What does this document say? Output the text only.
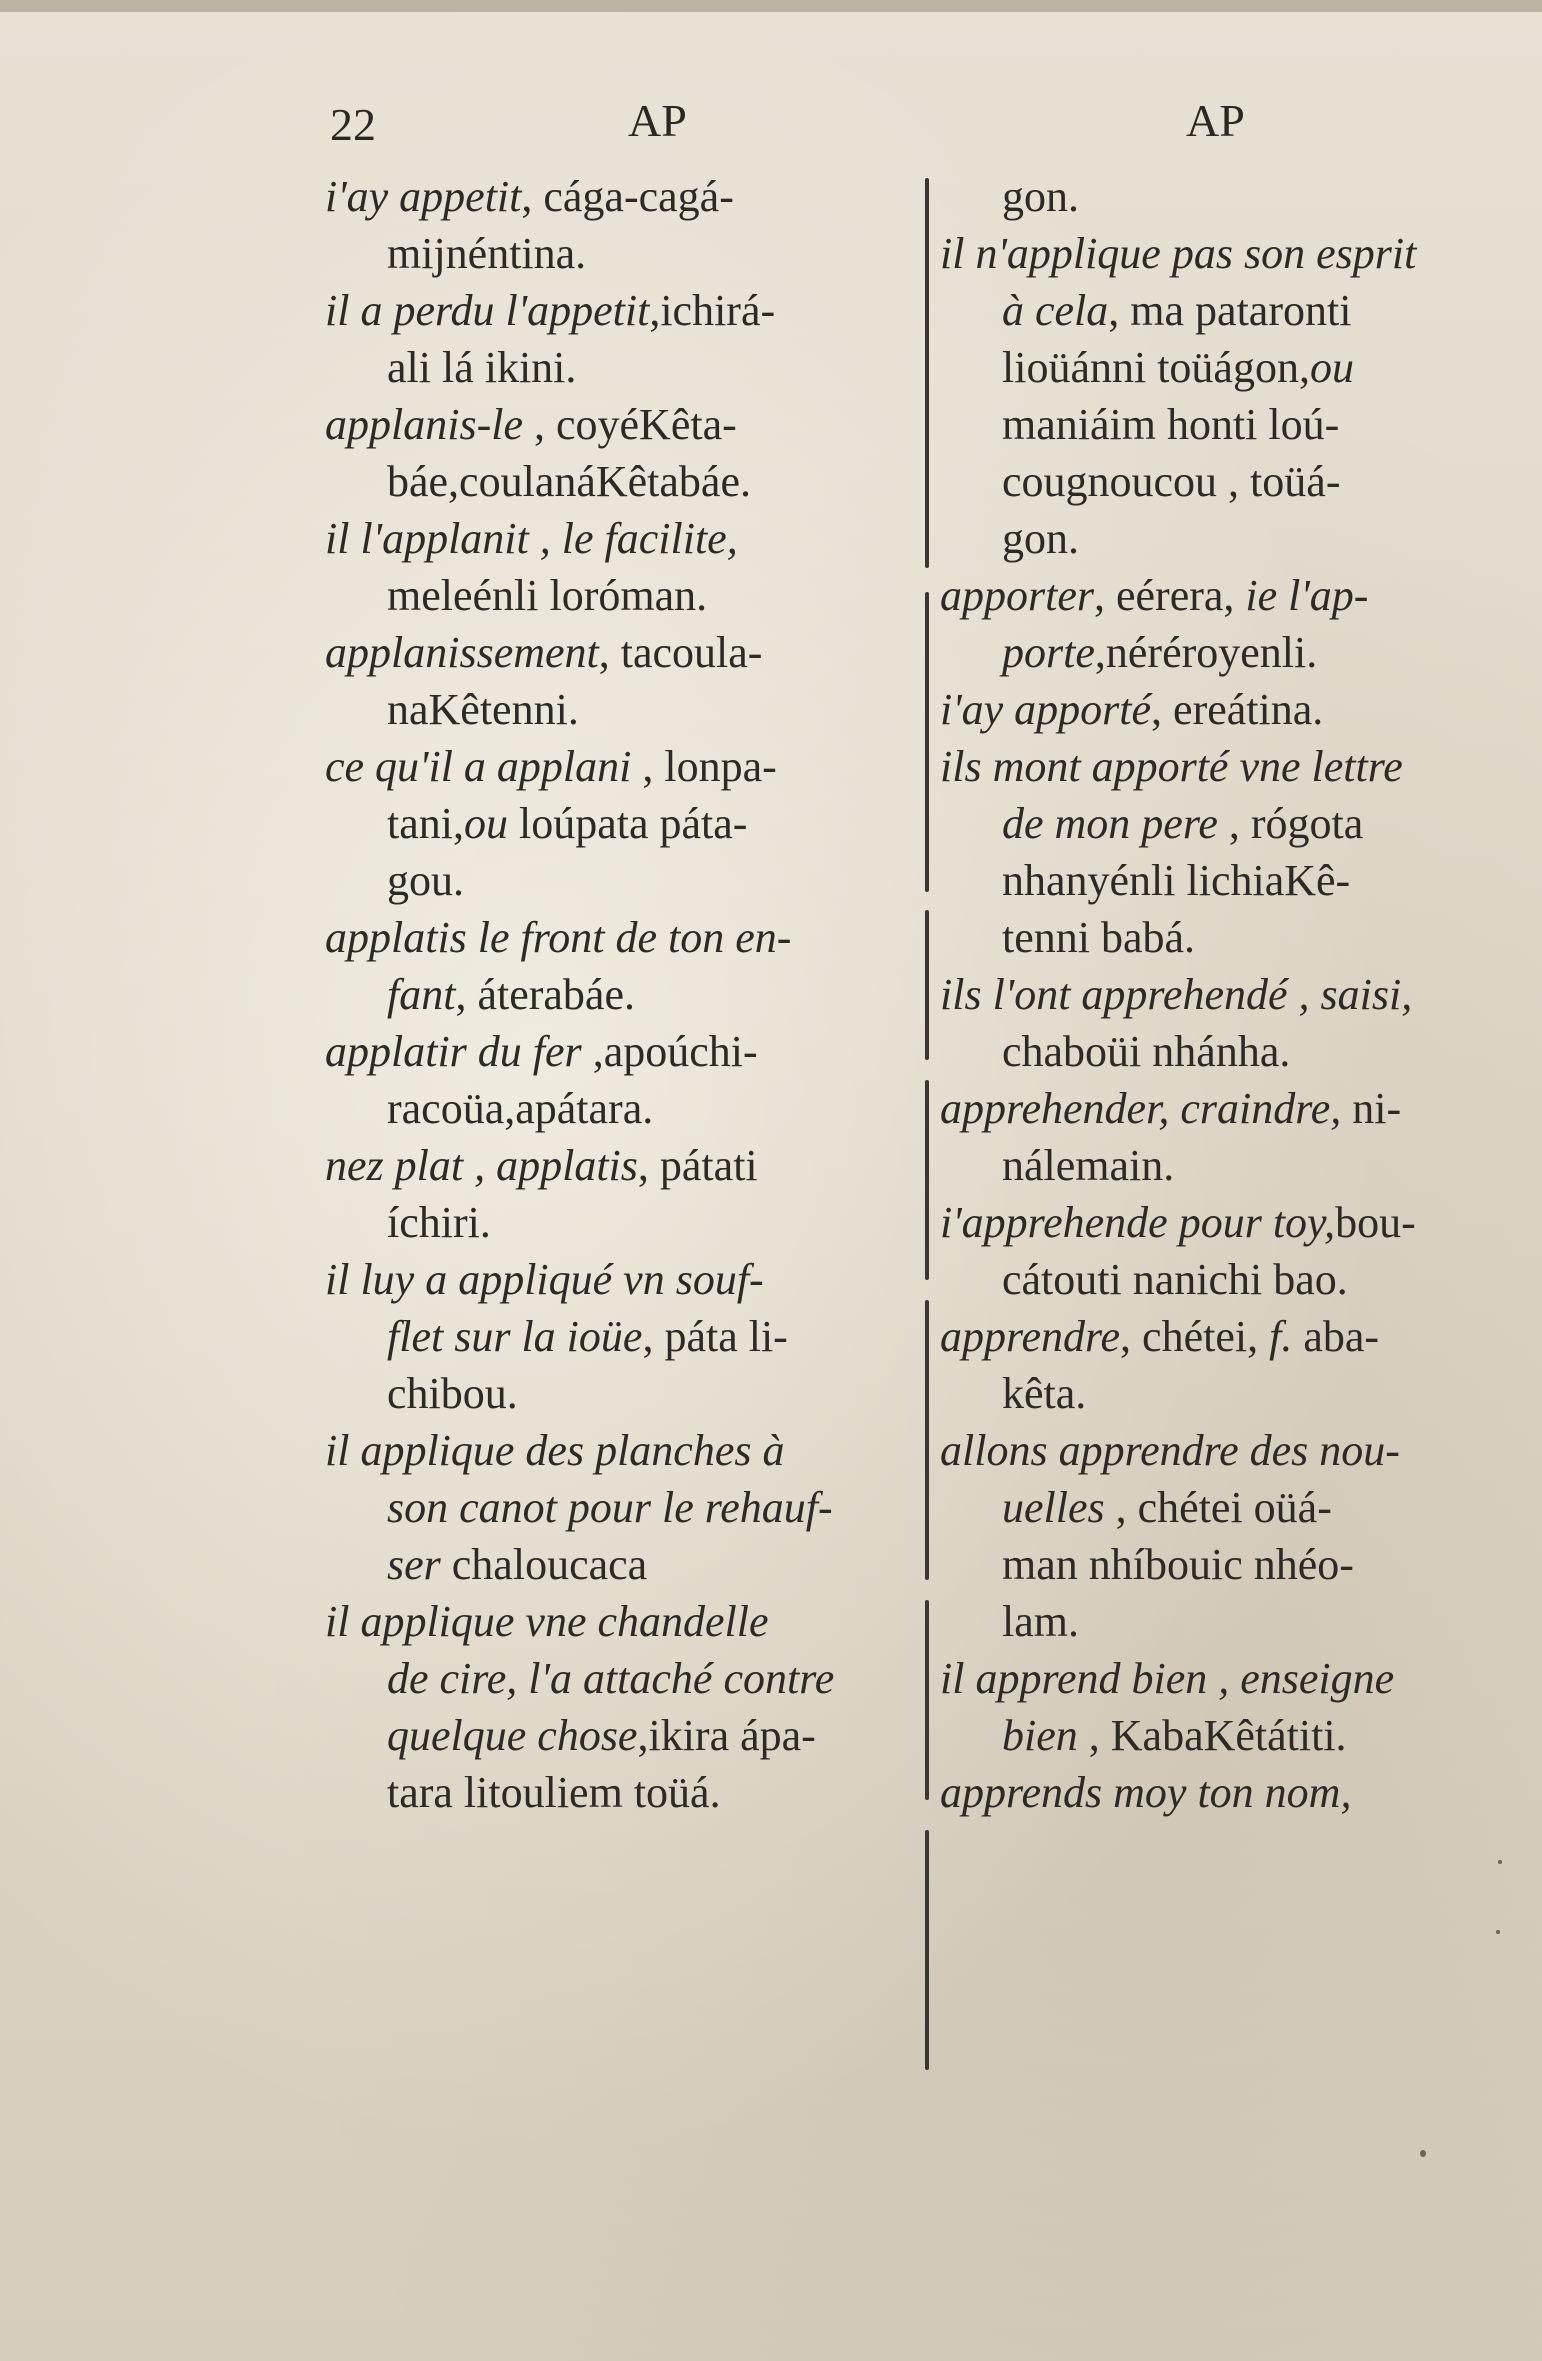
22	AP	AP
i'ay appetit, cága-cagá-
mijnéntina.
il a perdu l'appetit,ichirá-
ali lá ikini.
applanis-le , coyéKêta-
báe,coulanáKêtabáe.
il l'applanit , le facilite,
meleénli loróman.
applanissement, tacoula-
naKêtenni.
ce qu'il a applani , lonpa-
tani,ou loúpata páta-
gou.
applatis le front de ton en-
fant, áterabáe.
applatir du fer ,apoúchi-
racoüa,apátara.
nez plat , applatis, pátati
íchiri.
il luy a appliqué vn souf-
flet sur la ioüe, páta li-
chibou.
il applique des planches à
son canot pour le rehauf-
ser chaloucaca
il applique vne chandelle
de cire, l'a attaché contre
quelque chose,ikira ápa-
tara litouliem toüá.
gon.
il n'applique pas son esprit
à cela, ma pataronti
lioüánni toüágon,ou
maniáim honti loú-
cougnoucou , toüá-
gon.
apporter, eérera, ie l'ap-
porte,néréroyenli.
i'ay apporté, ereátina.
ils mont apporté vne lettre
de mon pere , rógota
nhanyénli lichiaKê-
tenni babá.
ils l'ont apprehendé , saisi,
chaboüi nhánha.
apprehender, craindre, ni-
nálemain.
i'apprehende pour toy,bou-
cátouti nanichi bao.
apprendre, chétei, f. aba-
kêta.
allons apprendre des nou-
uelles , chétei oüá-
man nhíbouic nhéo-
lam.
il apprend bien , enseigne
bien , KabaKêtátiti.
apprends moy ton nom,
